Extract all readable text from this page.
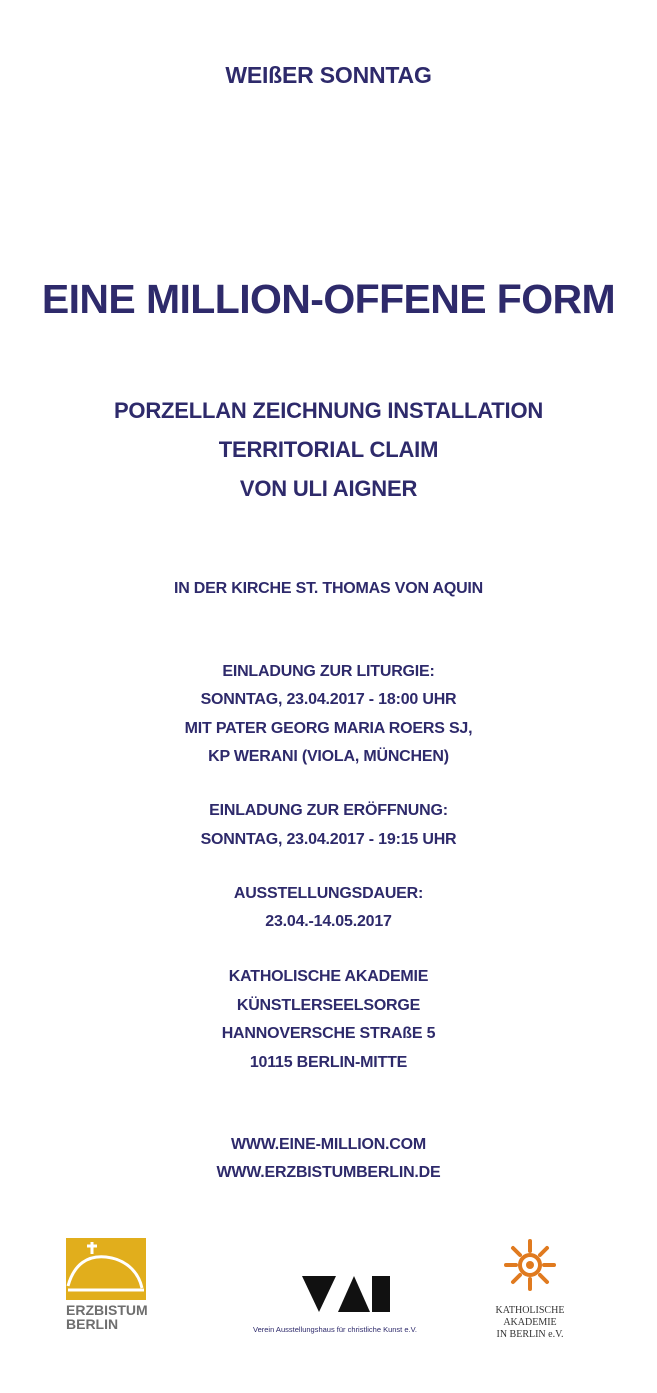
WEIßER SONNTAG
EINE MILLION-OFFENE FORM
PORZELLAN ZEICHNUNG INSTALLATION
TERRITORIAL CLAIM
VON ULI AIGNER
IN DER KIRCHE ST. THOMAS VON AQUIN
EINLADUNG ZUR LITURGIE:
SONNTAG, 23.04.2017 - 18:00 UHR
MIT PATER GEORG MARIA ROERS SJ,
KP WERANI (VIOLA, MÜNCHEN)
EINLADUNG ZUR ERÖFFNUNG:
SONNTAG, 23.04.2017 - 19:15 UHR
AUSSTELLUNGSDAUER:
23.04.-14.05.2017
KATHOLISCHE AKADEMIE
KÜNSTLERSEELSORGE
HANNOVERSCHE STRAßE 5
10115 BERLIN-MITTE
WWW.EINE-MILLION.COM
WWW.ERZBISTUMBERLIN.DE
ERZBISTUM
BERLIN	Verein Ausstellungshaus für christliche Kunst e.V.
KATHOLISCHE AKADEMIE
IN BERLIN e.V.
